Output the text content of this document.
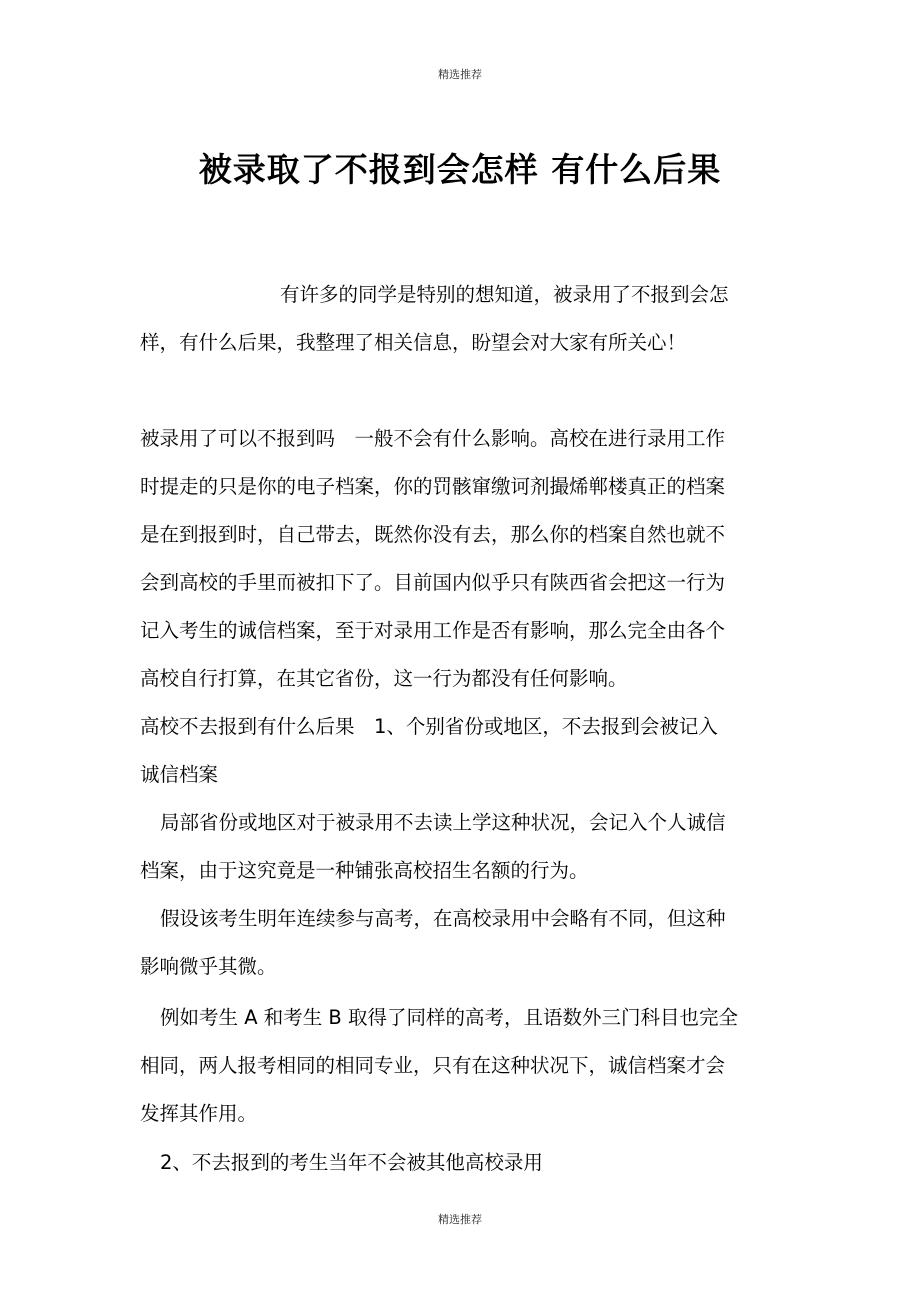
精选推荐
被录取了不报到会怎样 有什么后果
有许多的同学是特别的想知道，被录用了不报到会怎
样，有什么后果，我整理了相关信息，盼望会对大家有所关心！
被录用了可以不报到吗　一般不会有什么影响。高校在进行录用工作
时提走的只是你的电子档案，你的罚骸窜缴诃剂撮烯郸楼真正的档案
是在到报到时，自己带去，既然你没有去，那么你的档案自然也就不
会到高校的手里而被扣下了。目前国内似乎只有陕西省会把这一行为
记入考生的诚信档案，至于对录用工作是否有影响，那么完全由各个
高校自行打算，在其它省份，这一行为都没有任何影响。
高校不去报到有什么后果　1、个别省份或地区，不去报到会被记入
诚信档案
局部省份或地区对于被录用不去读上学这种状况，会记入个人诚信
档案，由于这究竟是一种铺张高校招生名额的行为。
假设该考生明年连续参与高考，在高校录用中会略有不同，但这种
影响微乎其微。
例如考生 A 和考生 B 取得了同样的高考，且语数外三门科目也完全
相同，两人报考相同的相同专业，只有在这种状况下，诚信档案才会
发挥其作用。
2、不去报到的考生当年不会被其他高校录用
精选推荐
